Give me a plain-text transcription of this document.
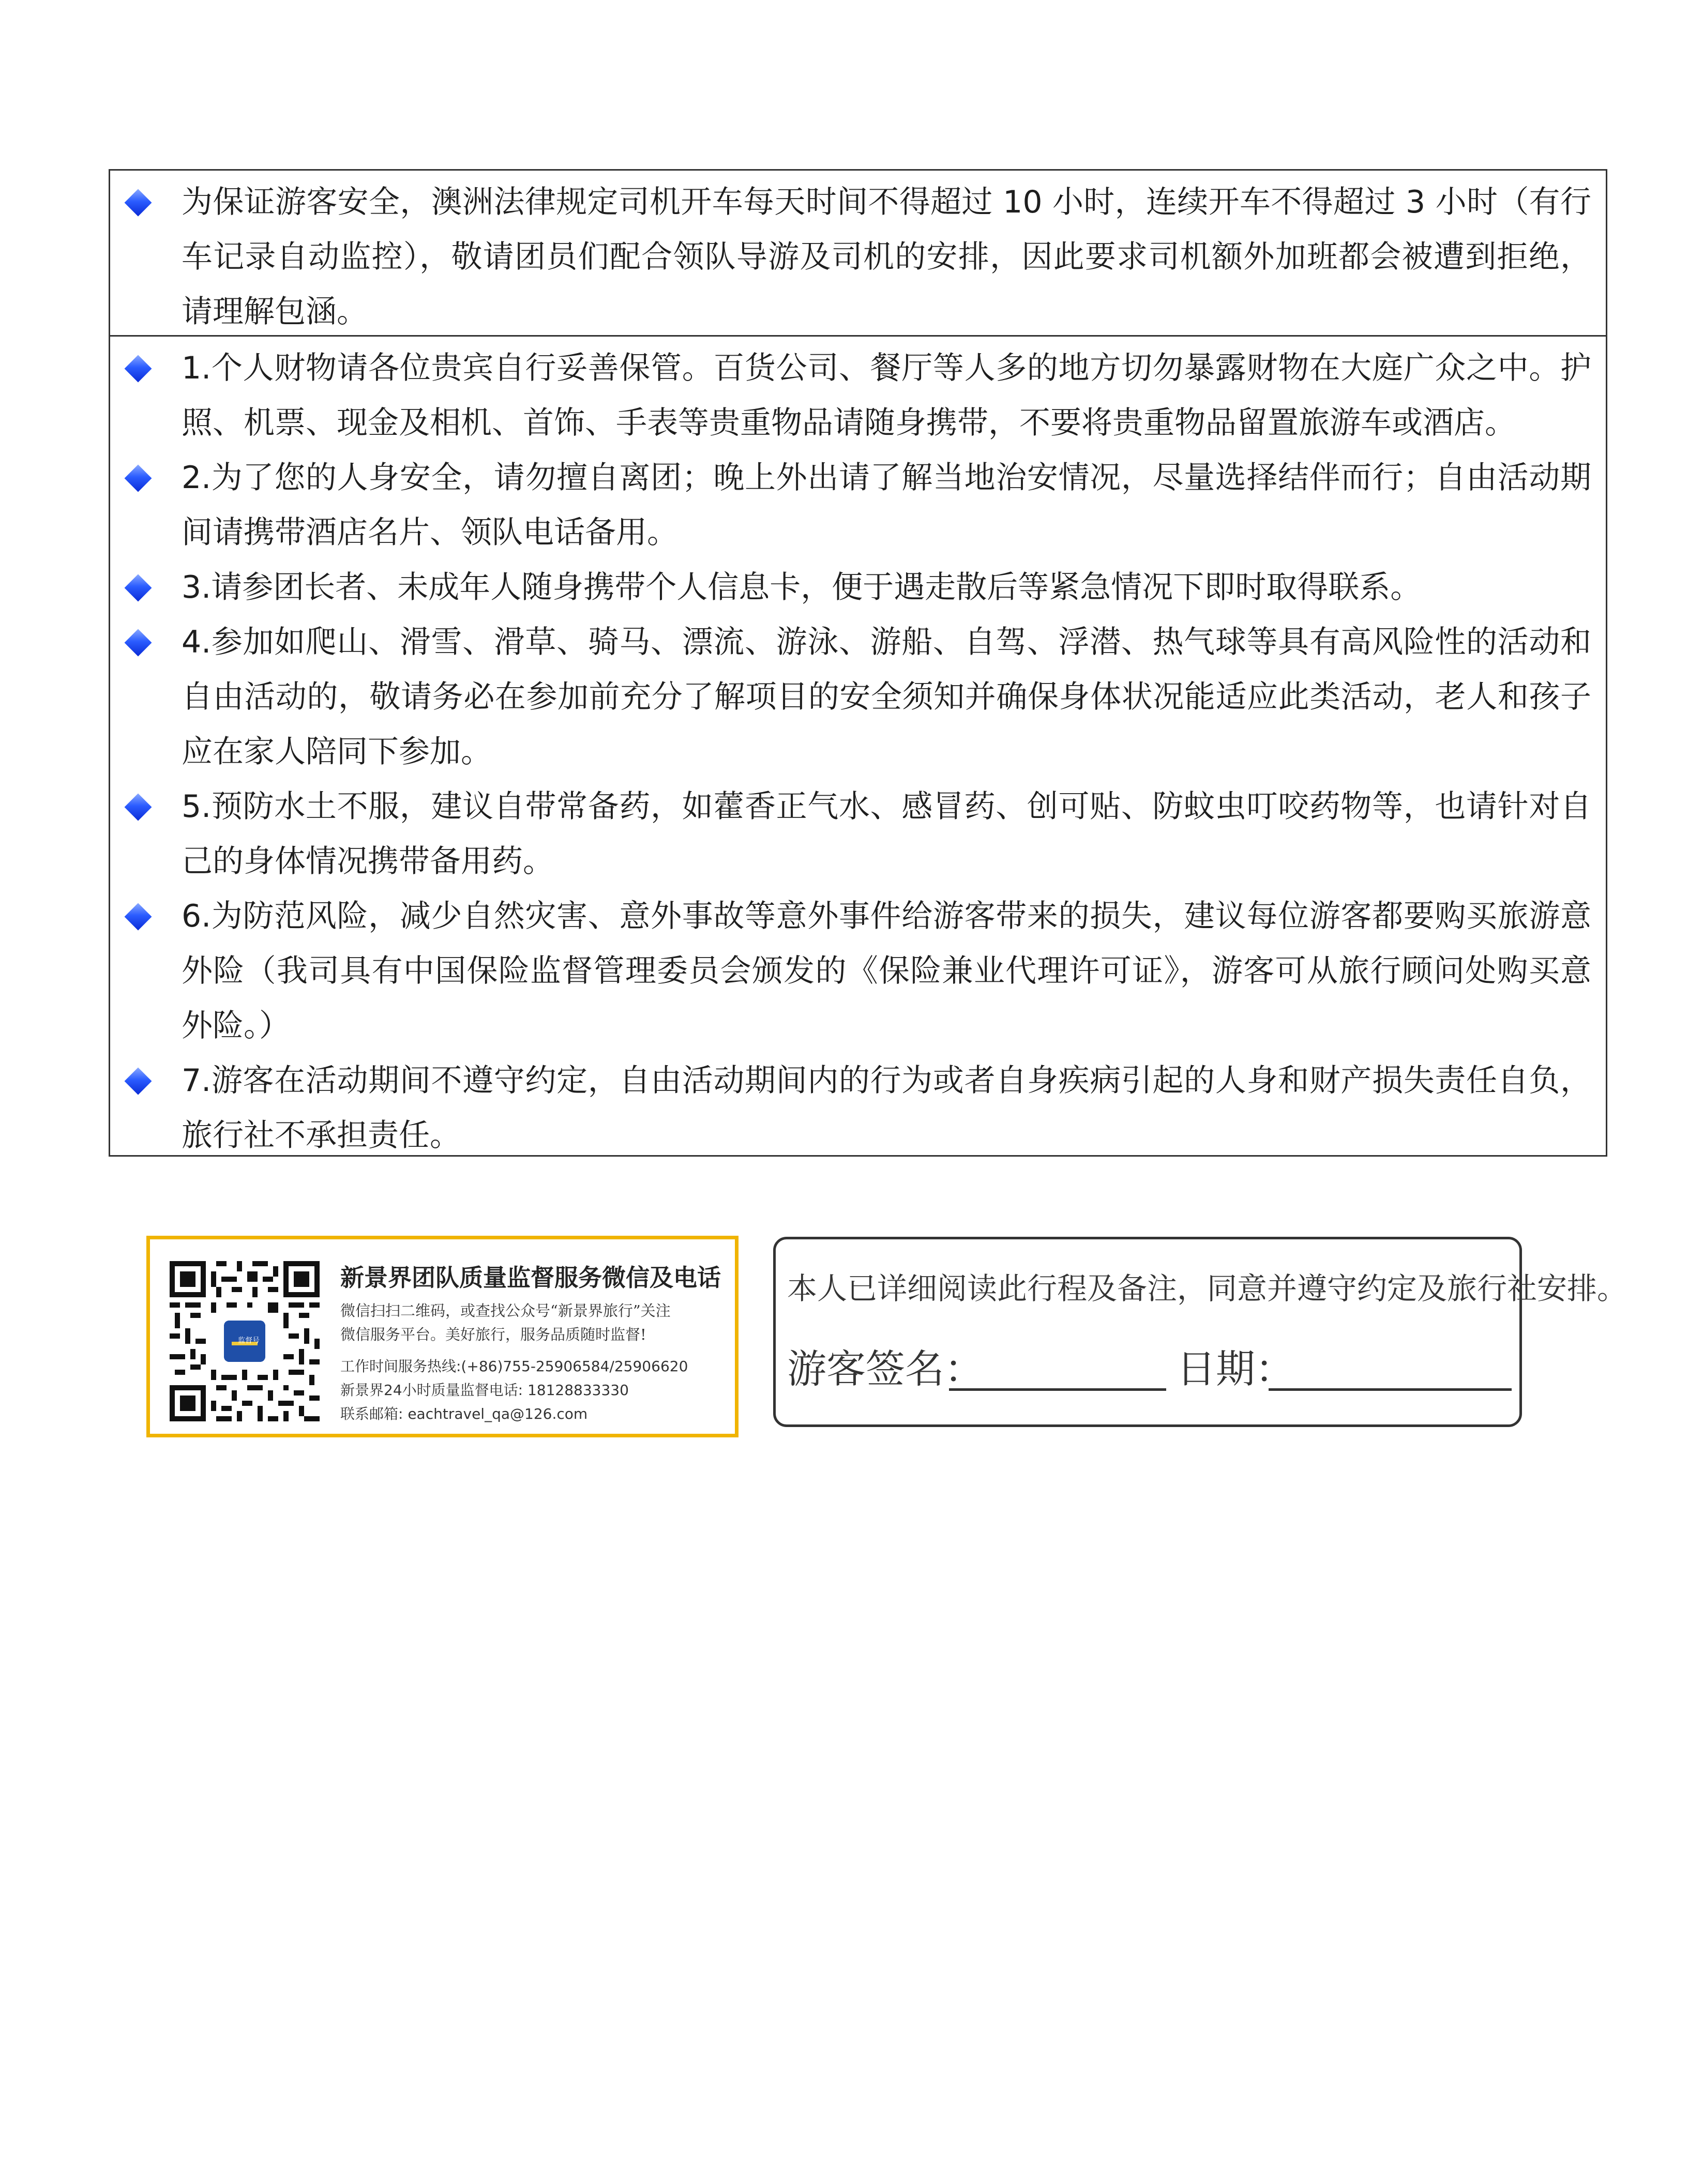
为保证游客安全，澳洲法律规定司机开车每天时间不得超过 10 小时，连续开车不得超过 3 小时（有行车记录自动监控），敬请团员们配合领队导游及司机的安排，因此要求司机额外加班都会被遭到拒绝，请理解包涵。
1.个人财物请各位贵宾自行妥善保管。百货公司、餐厅等人多的地方切勿暴露财物在大庭广众之中。护照、机票、现金及相机、首饰、手表等贵重物品请随身携带，不要将贵重物品留置旅游车或酒店。
2.为了您的人身安全，请勿擅自离团；晚上外出请了解当地治安情况，尽量选择结伴而行；自由活动期间请携带酒店名片、领队电话备用。
3.请参团长者、未成年人随身携带个人信息卡，便于遇走散后等紧急情况下即时取得联系。
4.参加如爬山、滑雪、滑草、骑马、漂流、游泳、游船、自驾、浮潜、热气球等具有高风险性的活动和自由活动的，敬请务必在参加前充分了解项目的安全须知并确保身体状况能适应此类活动，老人和孩子应在家人陪同下参加。
5.预防水土不服，建议自带常备药，如藿香正气水、感冒药、创可贴、防蚊虫叮咬药物等，也请针对自己的身体情况携带备用药。
6.为防范风险，减少自然灾害、意外事故等意外事件给游客带来的损失，建议每位游客都要购买旅游意外险（我司具有中国保险监督管理委员会颁发的《保险兼业代理许可证》，游客可从旅行顾问处购买意外险。）
7.游客在活动期间不遵守约定，自由活动期间内的行为或者自身疾病引起的人身和财产损失责任自负，旅行社不承担责任。
监督号
新景界团队质量监督服务微信及电话
微信扫扫二维码，或查找公众号“新景界旅行”关注
微信服务平台。美好旅行，服务品质随时监督!
工作时间服务热线:(+86)755-25906584/25906620
新景界24小时质量监督电话: 18128833330
联系邮箱: eachtravel_qa@126.com
本人已详细阅读此行程及备注，同意并遵守约定及旅行社安排。
游客签名：	日期：
